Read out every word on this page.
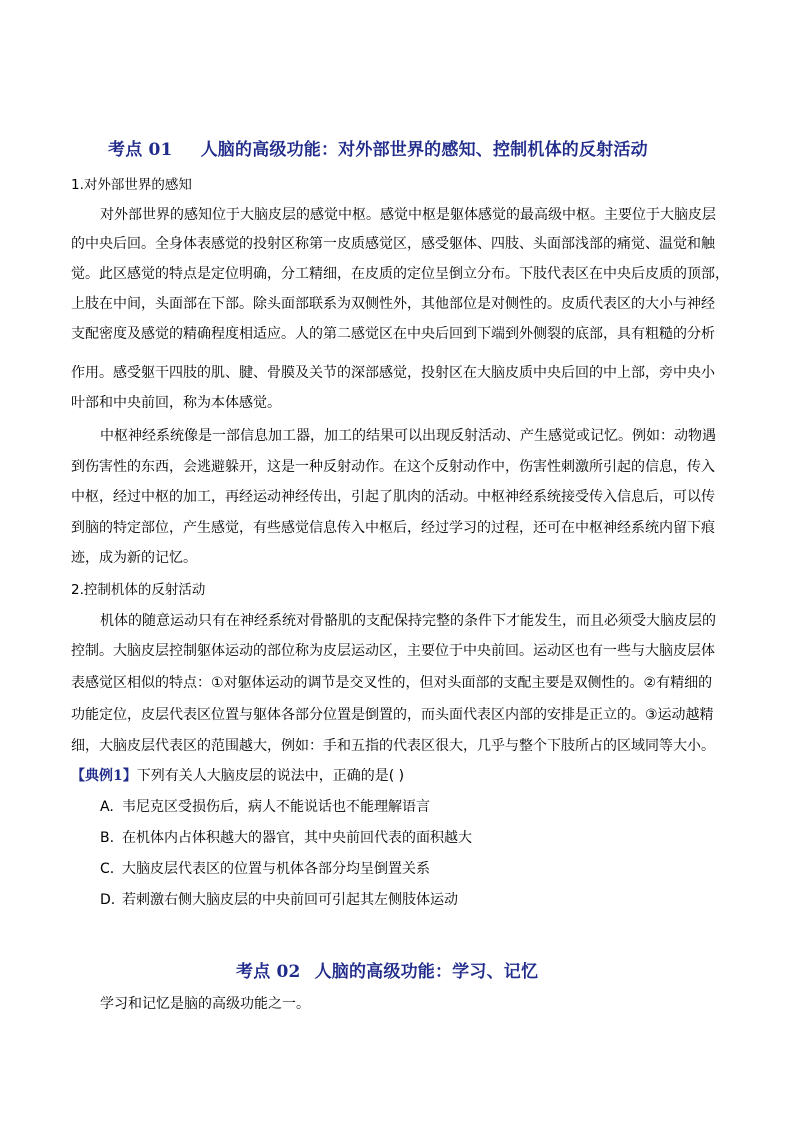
考点 01 人脑的高级功能：对外部世界的感知、控制机体的反射活动
1.对外部世界的感知
对外部世界的感知位于大脑皮层的感觉中枢。感觉中枢是躯体感觉的最高级中枢。主要位于大脑皮层
的中央后回。全身体表感觉的投射区称第一皮质感觉区，感受躯体、四肢、头面部浅部的痛觉、温觉和触
觉。此区感觉的特点是定位明确，分工精细，在皮质的定位呈倒立分布。下肢代表区在中央后皮质的顶部，
上肢在中间，头面部在下部。除头面部联系为双侧性外，其他部位是对侧性的。皮质代表区的大小与神经
支配密度及感觉的精确程度相适应。人的第二感觉区在中央后回到下端到外侧裂的底部，具有粗糙的分析
作用。感受躯干四肢的肌、腱、骨膜及关节的深部感觉，投射区在大脑皮质中央后回的中上部，旁中央小
叶部和中央前回，称为本体感觉。
中枢神经系统像是一部信息加工器，加工的结果可以出现反射活动、产生感觉或记忆。例如：动物遇
到伤害性的东西，会逃避躲开，这是一种反射动作。在这个反射动作中，伤害性刺激所引起的信息，传入
中枢，经过中枢的加工，再经运动神经传出，引起了肌肉的活动。中枢神经系统接受传入信息后，可以传
到脑的特定部位，产生感觉，有些感觉信息传入中枢后，经过学习的过程，还可在中枢神经系统内留下痕
迹，成为新的记忆。
2.控制机体的反射活动
机体的随意运动只有在神经系统对骨骼肌的支配保持完整的条件下才能发生，而且必须受大脑皮层的
控制。大脑皮层控制躯体运动的部位称为皮层运动区，主要位于中央前回。运动区也有一些与大脑皮层体
表感觉区相似的特点：①对躯体运动的调节是交叉性的，但对头面部的支配主要是双侧性的。②有精细的
功能定位，皮层代表区位置与躯体各部分位置是倒置的，而头面代表区内部的安排是正立的。③运动越精
细，大脑皮层代表区的范围越大，例如：手和五指的代表区很大，几乎与整个下肢所占的区域同等大小。
【典例1】下列有关人大脑皮层的说法中，正确的是( )
A. 韦尼克区受损伤后，病人不能说话也不能理解语言
B. 在机体内占体积越大的器官，其中央前回代表的面积越大
C. 大脑皮层代表区的位置与机体各部分均呈倒置关系
D. 若刺激右侧大脑皮层的中央前回可引起其左侧肢体运动
考点 02 人脑的高级功能：学习、记忆
学习和记忆是脑的高级功能之一。
